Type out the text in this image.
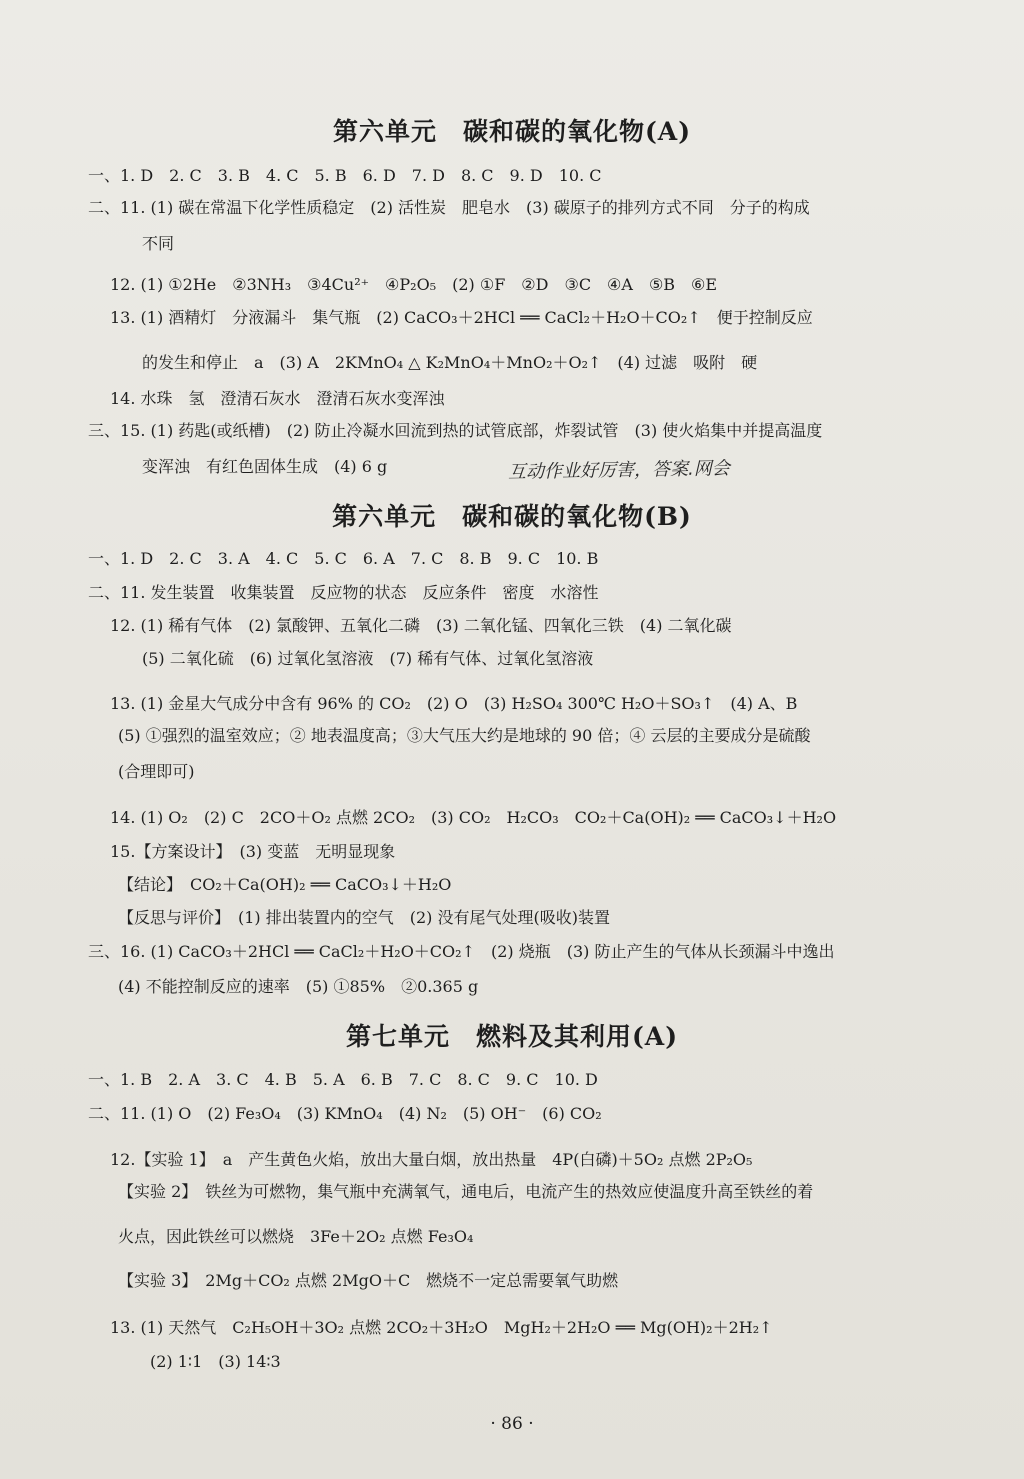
第六单元　碳和碳的氧化物(A)
一、1. D　2. C　3. B　4. C　5. B　6. D　7. D　8. C　9. D　10. C
二、11. (1) 碳在常温下化学性质稳定　(2) 活性炭　肥皂水　(3) 碳原子的排列方式不同　分子的构成
不同
12. (1) ①2He　②3NH₃　③4Cu²⁺　④P₂O₅　(2) ①F　②D　③C　④A　⑤B　⑥E
13. (1) 酒精灯　分液漏斗　集气瓶　(2) CaCO₃＋2HCl ══ CaCl₂＋H₂O＋CO₂↑　便于控制反应
的发生和停止　a　(3) A　2KMnO₄ △ K₂MnO₄＋MnO₂＋O₂↑　(4) 过滤　吸附　硬
14. 水珠　氢　澄清石灰水　澄清石灰水变浑浊
三、15. (1) 药匙(或纸槽)　(2) 防止冷凝水回流到热的试管底部，炸裂试管　(3) 使火焰集中并提高温度
变浑浊　有红色固体生成　(4) 6 g	互动作业好厉害，答案.网会
第六单元　碳和碳的氧化物(B)
一、1. D　2. C　3. A　4. C　5. C　6. A　7. C　8. B　9. C　10. B
二、11. 发生装置　收集装置　反应物的状态　反应条件　密度　水溶性
12. (1) 稀有气体　(2) 氯酸钾、五氧化二磷　(3) 二氧化锰、四氧化三铁　(4) 二氧化碳
(5) 二氧化硫　(6) 过氧化氢溶液　(7) 稀有气体、过氧化氢溶液
13. (1) 金星大气成分中含有 96% 的 CO₂　(2) O　(3) H₂SO₄ 300℃ H₂O＋SO₃↑　(4) A、B
(5) ①强烈的温室效应；② 地表温度高；③大气压大约是地球的 90 倍；④ 云层的主要成分是硫酸
(合理即可)
14. (1) O₂　(2) C　2CO＋O₂ 点燃 2CO₂　(3) CO₂　H₂CO₃　CO₂＋Ca(OH)₂ ══ CaCO₃↓＋H₂O
15.【方案设计】　(3) 变蓝　无明显现象
【结论】　CO₂＋Ca(OH)₂ ══ CaCO₃↓＋H₂O
【反思与评价】　(1) 排出装置内的空气　(2) 没有尾气处理(吸收)装置
三、16. (1) CaCO₃＋2HCl ══ CaCl₂＋H₂O＋CO₂↑　(2) 烧瓶　(3) 防止产生的气体从长颈漏斗中逸出
(4) 不能控制反应的速率　(5) ①85%　②0.365 g
第七单元　燃料及其利用(A)
一、1. B　2. A　3. C　4. B　5. A　6. B　7. C　8. C　9. C　10. D
二、11. (1) O　(2) Fe₃O₄　(3) KMnO₄　(4) N₂　(5) OH⁻　(6) CO₂
12.【实验 1】　a　产生黄色火焰，放出大量白烟，放出热量　4P(白磷)＋5O₂ 点燃 2P₂O₅
【实验 2】　铁丝为可燃物，集气瓶中充满氧气，通电后，电流产生的热效应使温度升高至铁丝的着
火点，因此铁丝可以燃烧　3Fe＋2O₂ 点燃 Fe₃O₄
【实验 3】　2Mg＋CO₂ 点燃 2MgO＋C　燃烧不一定总需要氧气助燃
13. (1) 天然气　C₂H₅OH＋3O₂ 点燃 2CO₂＋3H₂O　MgH₂＋2H₂O ══ Mg(OH)₂＋2H₂↑
(2) 1∶1　(3) 14∶3
· 86 ·
